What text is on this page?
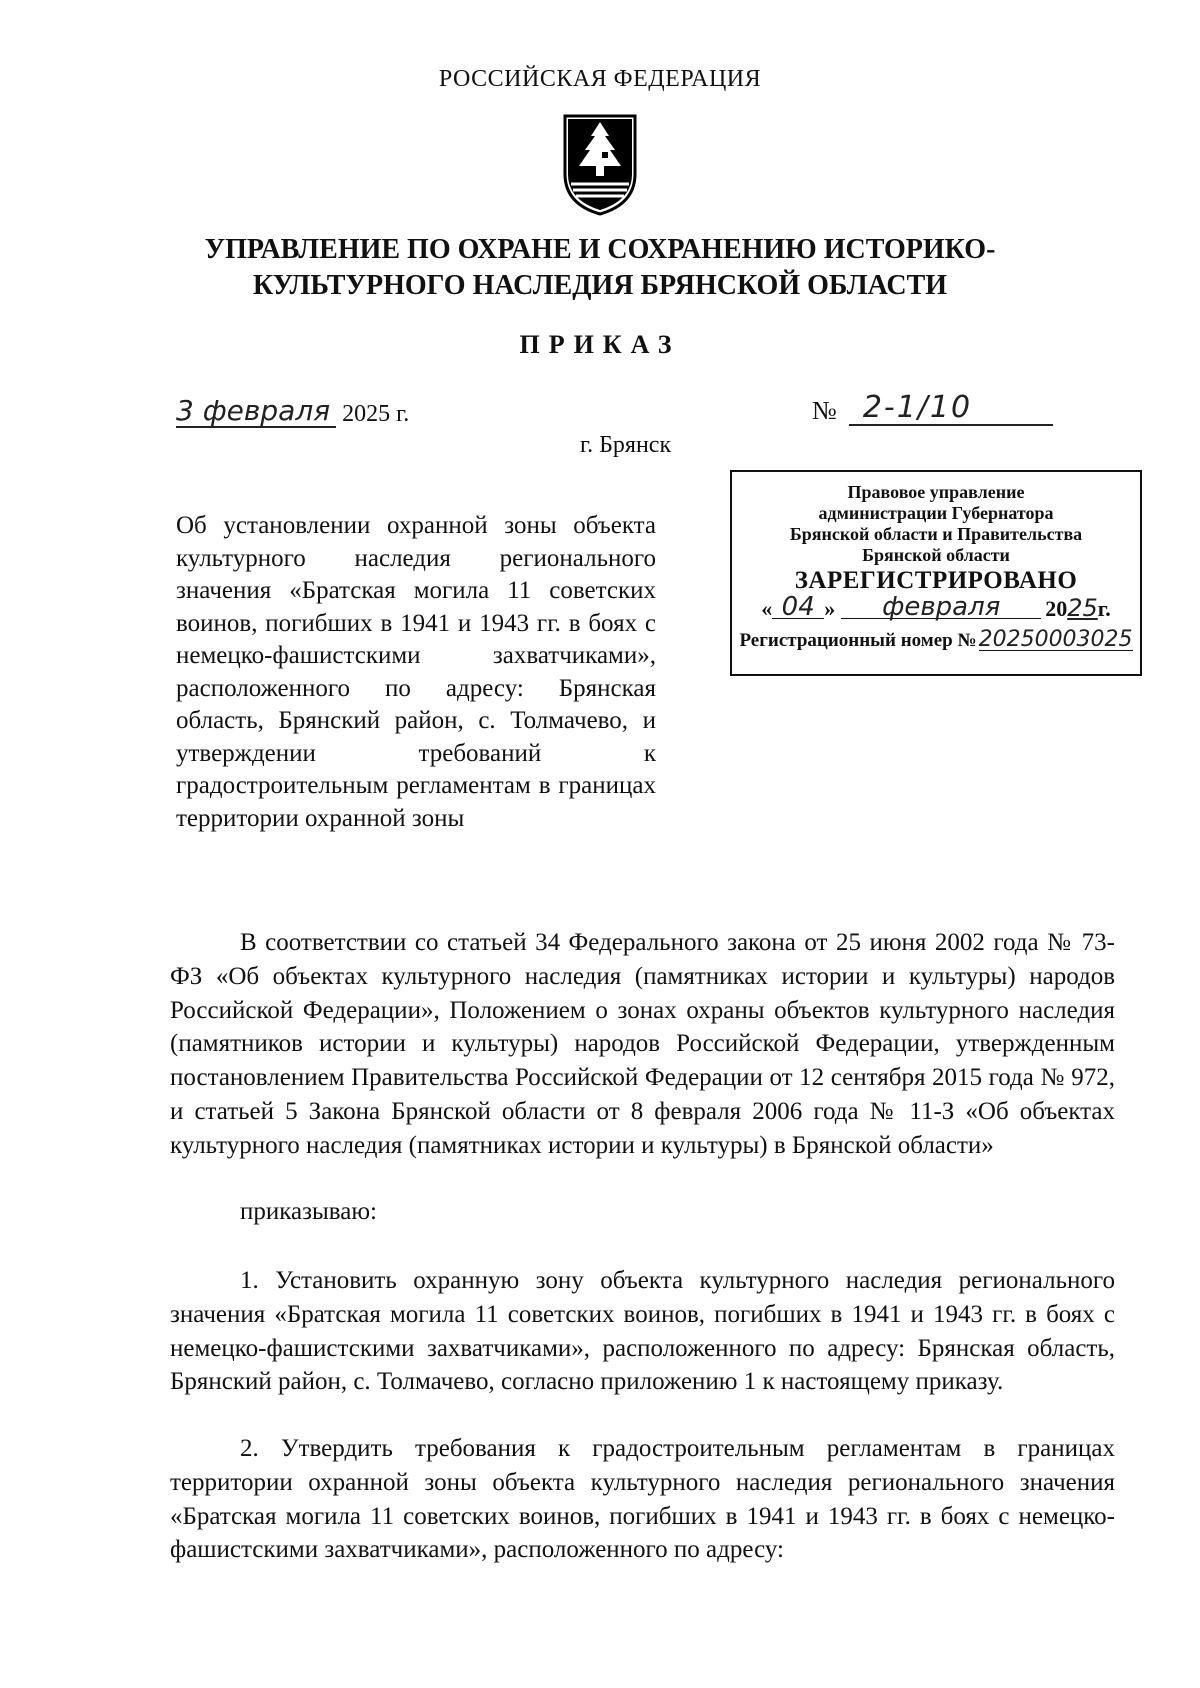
РОССИЙСКАЯ ФЕДЕРАЦИЯ
УПРАВЛЕНИЕ ПО ОХРАНЕ И СОХРАНЕНИЮ ИСТОРИКО-
КУЛЬТУРНОГО НАСЛЕДИЯ БРЯНСКОЙ ОБЛАСТИ
ПРИКАЗ
3 февраля 2025 г.	№ 2-1/10
г. Брянск
Правовое управление
администрации Губернатора
Брянской области и Правительства
Брянской области
ЗАРЕГИСТРИРОВАНО
« 04 »	февраля	2025г.
Регистрационный номер № 20250003025
Об установлении охранной зоны объекта культурного наследия регионального значения «Братская могила 11 советских воинов, погибших в 1941 и 1943 гг. в боях с немецко-фашистскими захватчиками», расположенного по адресу: Брянская область, Брянский район, с. Толмачево, и утверждении требований к градостроительным регламентам в границах территории охранной зоны
В соответствии со статьей 34 Федерального закона от 25 июня 2002 года № 73-ФЗ «Об объектах культурного наследия (памятниках истории и культуры) народов Российской Федерации», Положением о зонах охраны объектов культурного наследия (памятников истории и культуры) народов Российской Федерации, утвержденным постановлением Правительства Российской Федерации от 12 сентября 2015 года № 972, и статьей 5 Закона Брянской области от 8 февраля 2006 года № 11-З «Об объектах культурного наследия (памятниках истории и культуры) в Брянской области»
приказываю:
1. Установить охранную зону объекта культурного наследия регионального значения «Братская могила 11 советских воинов, погибших в 1941 и 1943 гг. в боях с немецко-фашистскими захватчиками», расположенного по адресу: Брянская область, Брянский район, с. Толмачево, согласно приложению 1 к настоящему приказу.
2. Утвердить требования к градостроительным регламентам в границах территории охранной зоны объекта культурного наследия регионального значения «Братская могила 11 советских воинов, погибших в 1941 и 1943 гг. в боях с немецко-фашистскими захватчиками», расположенного по адресу:
